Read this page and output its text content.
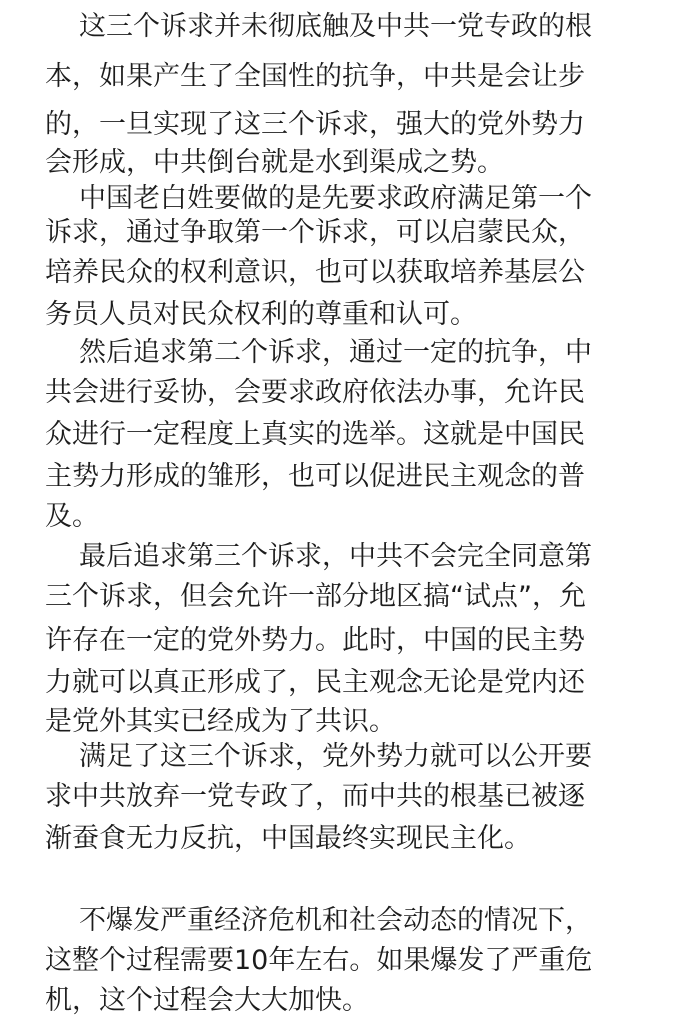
这三个诉求并未彻底触及中共一党专政的根
本，如果产生了全国性的抗争，中共是会让步
的，一旦实现了这三个诉求，强大的党外势力
会形成，中共倒台就是水到渠成之势。
中国老白姓要做的是先要求政府满足第一个
诉求，通过争取第一个诉求，可以启蒙民众，
培养民众的权利意识，也可以获取培养基层公
务员人员对民众权利的尊重和认可。
然后追求第二个诉求，通过一定的抗争，中
共会进行妥协，会要求政府依法办事，允许民
众进行一定程度上真实的选举。这就是中国民
主势力形成的雏形，也可以促进民主观念的普
及。
最后追求第三个诉求，中共不会完全同意第
三个诉求，但会允许一部分地区搞“试点”，允
许存在一定的党外势力。此时，中国的民主势
力就可以真正形成了，民主观念无论是党内还
是党外其实已经成为了共识。
满足了这三个诉求，党外势力就可以公开要
求中共放弃一党专政了，而中共的根基已被逐
渐蚕食无力反抗，中国最终实现民主化。
不爆发严重经济危机和社会动态的情况下，
这整个过程需要10年左右。如果爆发了严重危
机，这个过程会大大加快。
